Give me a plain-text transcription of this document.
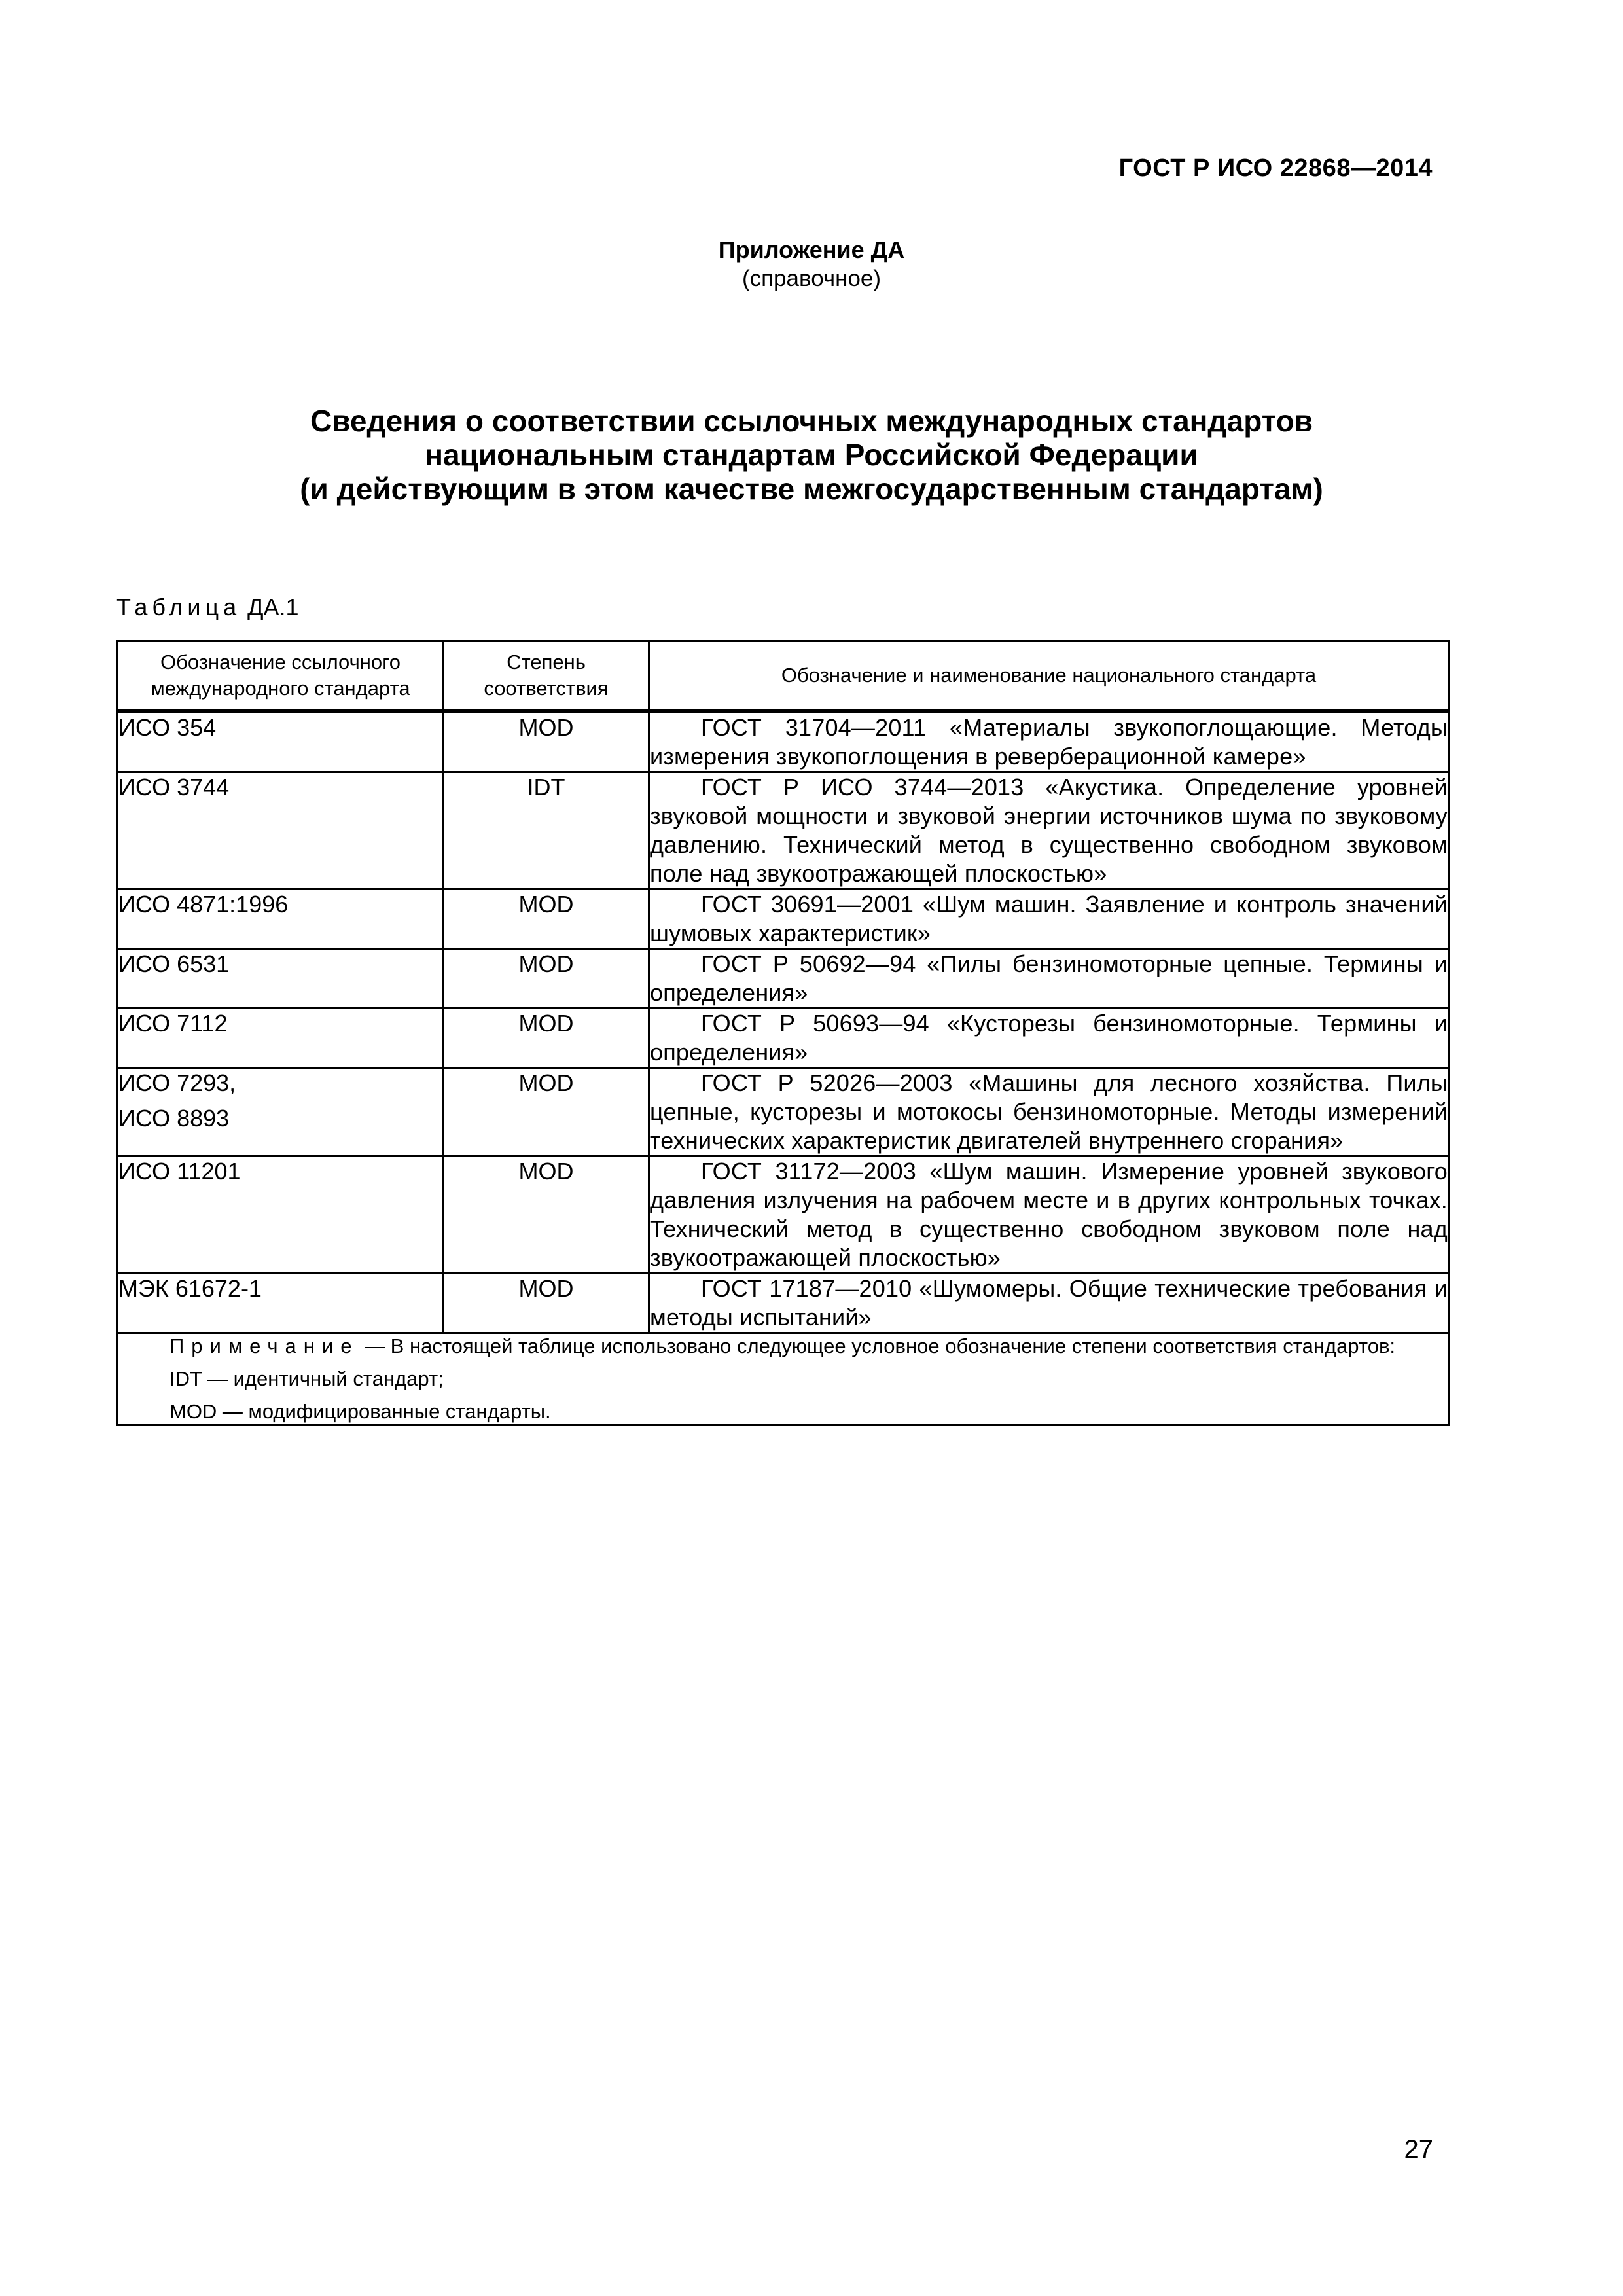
ГОСТ Р ИСО 22868—2014
Приложение ДА
(справочное)
Сведения о соответствии ссылочных международных стандартов
национальным стандартам Российской Федерации
(и действующим в этом качестве межгосударственным стандартам)
Таблица ДА.1
Обозначение ссылочного международного стандарта	Степень соответствия	Обозначение и наименование национального стандарта

ИСО 354	MOD	ГОСТ 31704—2011 «Материалы звукопоглощающие. Методы измерения звукопоглощения в реверберационной камере»

ИСО 3744	IDT	ГОСТ Р ИСО 3744—2013 «Акустика. Определение уровней звуковой мощности и звуковой энергии источников шума по звуковому давлению. Технический метод в существенно свободном звуковом поле над звукоотражающей плоскостью»

ИСО 4871:1996	MOD	ГОСТ 30691—2001 «Шум машин. Заявление и контроль значений шумовых характеристик»

ИСО 6531	MOD	ГОСТ Р 50692—94 «Пилы бензиномоторные цепные. Термины и определения»

ИСО 7112	MOD	ГОСТ Р 50693—94 «Кусторезы бензиномоторные. Термины и определения»

ИСО 7293,
ИСО 8893	MOD	ГОСТ Р 52026—2003 «Машины для лесного хозяйства. Пилы цепные, кусторезы и мотокосы бензиномоторные. Методы измерений технических характеристик двигателей внутреннего сгорания»

ИСО 11201	MOD	ГОСТ 31172—2003 «Шум машин. Измерение уровней звукового давления излучения на рабочем месте и в других контрольных точках. Технический метод в существенно свободном звуковом поле над звукоотражающей плоскостью»

МЭК 61672-1	MOD	ГОСТ 17187—2010 «Шумомеры. Общие технические требования и методы испытаний»

Примечание — В настоящей таблице использовано следующее условное обозначение степени соответствия стандартов:
IDT — идентичный стандарт;
MOD — модифицированные стандарты.		
27
